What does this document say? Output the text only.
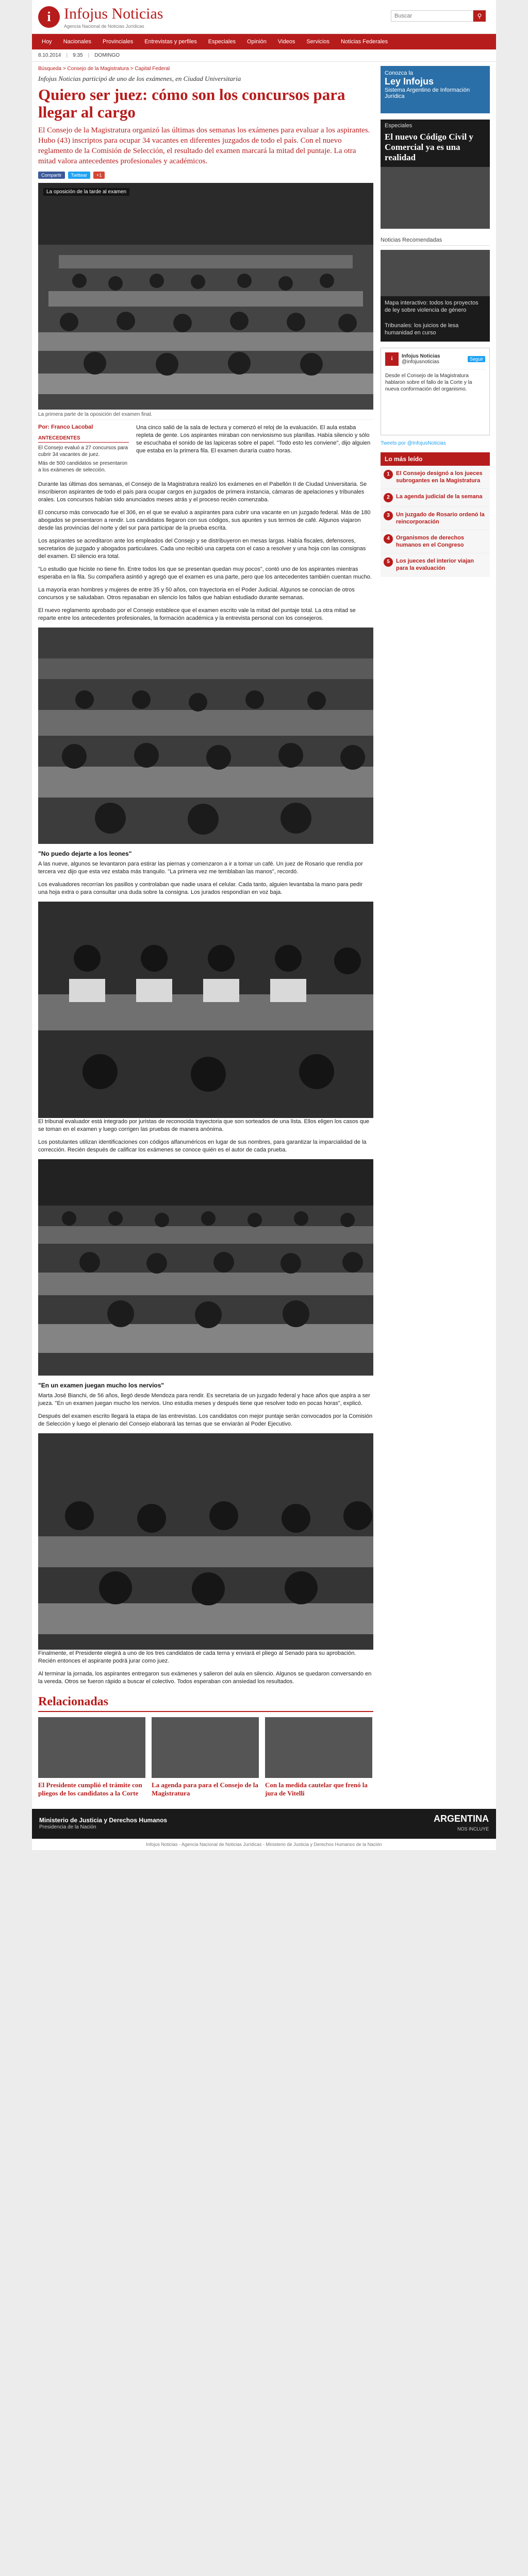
i Infojus Noticias
Agencia Nacional de Noticias Jurídicas
Buscar
⚲
Hoy	Nacionales	Provinciales	Entrevistas y perfiles	Especiales	Opinión	Videos	Servicios	Noticias Federales
8.10.2014 | 9:35 | DOMINGO
Búsqueda > Consejo de la Magistratura > Capital Federal
Infojus Noticias participó de uno de los exámenes, en Ciudad Universitaria
Quiero ser juez: cómo son los concursos para llegar al cargo

El Consejo de la Magistratura organizó las últimas dos semanas los exámenes para evaluar a los aspirantes. Hubo (43) inscriptos para ocupar 34 vacantes en diferentes juzgados de todo el país. Con el nuevo reglamento de la Comisión de Selección, el resultado del examen marcará la mitad del puntaje. La otra mitad valora antecedentes profesionales y académicos.

Compartir	Twittear	+1
La oposición de la tarde al examen
La primera parte de la oposición del examen final.
Por: Franco Lacobal
ANTECEDENTES
El Consejo evaluó a 27 concursos para cubrir 34 vacantes de juez.
Más de 500 candidatos se presentaron a los exámenes de selección.
Una cinco salió de la sala de lectura y comenzó el reloj de la evaluación. El aula estaba repleta de gente. Los aspirantes miraban con nerviosismo sus planillas. Había silencio y sólo se escuchaba el sonido de las lapiceras sobre el papel. "Todo esto les conviene", dijo alguien que estaba en la primera fila. El examen duraría cuatro horas.

Durante las últimas dos semanas, el Consejo de la Magistratura realizó los exámenes en el Pabellón II de Ciudad Universitaria. Se inscribieron aspirantes de todo el país para ocupar cargos en juzgados de primera instancia, cámaras de apelaciones y tribunales orales. Los concursos habían sido anunciados meses atrás y el proceso recién comenzaba.

El concurso más convocado fue el 306, en el que se evaluó a aspirantes para cubrir una vacante en un juzgado federal. Más de 180 abogados se presentaron a rendir. Los candidatos llegaron con sus códigos, sus apuntes y sus termos de café. Algunos viajaron desde las provincias del norte y del sur para participar de la prueba escrita.

Los aspirantes se acreditaron ante los empleados del Consejo y se distribuyeron en mesas largas. Había fiscales, defensores, secretarios de juzgado y abogados particulares. Cada uno recibió una carpeta con el caso a resolver y una hoja con las consignas del examen. El silencio era total.

"Lo estudio que hiciste no tiene fin. Entre todos los que se presentan quedan muy pocos", contó uno de los aspirantes mientras esperaba en la fila. Su compañera asintió y agregó que el examen es una parte, pero que los antecedentes también cuentan mucho.

La mayoría eran hombres y mujeres de entre 35 y 50 años, con trayectoria en el Poder Judicial. Algunos se conocían de otros concursos y se saludaban. Otros repasaban en silencio los fallos que habían estudiado durante semanas.

El nuevo reglamento aprobado por el Consejo establece que el examen escrito vale la mitad del puntaje total. La otra mitad se reparte entre los antecedentes profesionales, la formación académica y la entrevista personal con los consejeros.

"No puedo dejarte a los leones"

A las nueve, algunos se levantaron para estirar las piernas y comenzaron a ir a tomar un café. Un juez de Rosario que rendía por tercera vez dijo que esta vez estaba más tranquilo. "La primera vez me temblaban las manos", recordó.

Los evaluadores recorrían los pasillos y controlaban que nadie usara el celular. Cada tanto, alguien levantaba la mano para pedir una hoja extra o para consultar una duda sobre la consigna. Los jurados respondían en voz baja.

El tribunal evaluador está integrado por juristas de reconocida trayectoria que son sorteados de una lista. Ellos eligen los casos que se toman en el examen y luego corrigen las pruebas de manera anónima.

Los postulantes utilizan identificaciones con códigos alfanuméricos en lugar de sus nombres, para garantizar la imparcialidad de la corrección. Recién después de calificar los exámenes se conoce quién es el autor de cada prueba.

"En un examen juegan mucho los nervios"

Marta José Bianchi, de 56 años, llegó desde Mendoza para rendir. Es secretaria de un juzgado federal y hace años que aspira a ser jueza. "En un examen juegan mucho los nervios. Uno estudia meses y después tiene que resolver todo en pocas horas", explicó.

Después del examen escrito llegará la etapa de las entrevistas. Los candidatos con mejor puntaje serán convocados por la Comisión de Selección y luego el plenario del Consejo elaborará las ternas que se enviarán al Poder Ejecutivo.

Finalmente, el Presidente elegirá a uno de los tres candidatos de cada terna y enviará el pliego al Senado para su aprobación. Recién entonces el aspirante podrá jurar como juez.

Al terminar la jornada, los aspirantes entregaron sus exámenes y salieron del aula en silencio. Algunos se quedaron conversando en la vereda. Otros se fueron rápido a buscar el colectivo. Todos esperaban con ansiedad los resultados.

Relacionadas
El Presidente cumplió el trámite con pliegos de los candidatos a la Corte
La agenda para para el Consejo de la Magistratura
Con la medida cautelar que frenó la jura de Vitelli
Conozca la
Ley Infojus
Sistema Argentino de Información Jurídica
Especiales
El nuevo Código Civil y Comercial ya es una realidad
Noticias Recomendadas
Mapa interactivo: todos los proyectos de ley sobre violencia de género
Tribunales: los juicios de lesa humanidad en curso
i	Infojus Noticias
@infojusnoticias	Seguir
Desde el Consejo de la Magistratura hablaron sobre el fallo de la Corte y la nueva conformación del organismo.
Tweets por @InfojusNoticias
Lo más leído
1	El Consejo designó a los jueces subrogantes en la Magistratura
2	La agenda judicial de la semana
3	Un juzgado de Rosario ordenó la reincorporación
4	Organismos de derechos humanos en el Congreso
5	Los jueces del interior viajan para la evaluación
Ministerio de Justicia y Derechos Humanos
Presidencia de la Nación
ARGENTINA
NOS INCLUYE
Infojus Noticias - Agencia Nacional de Noticias Jurídicas - Ministerio de Justicia y Derechos Humanos de la Nación
